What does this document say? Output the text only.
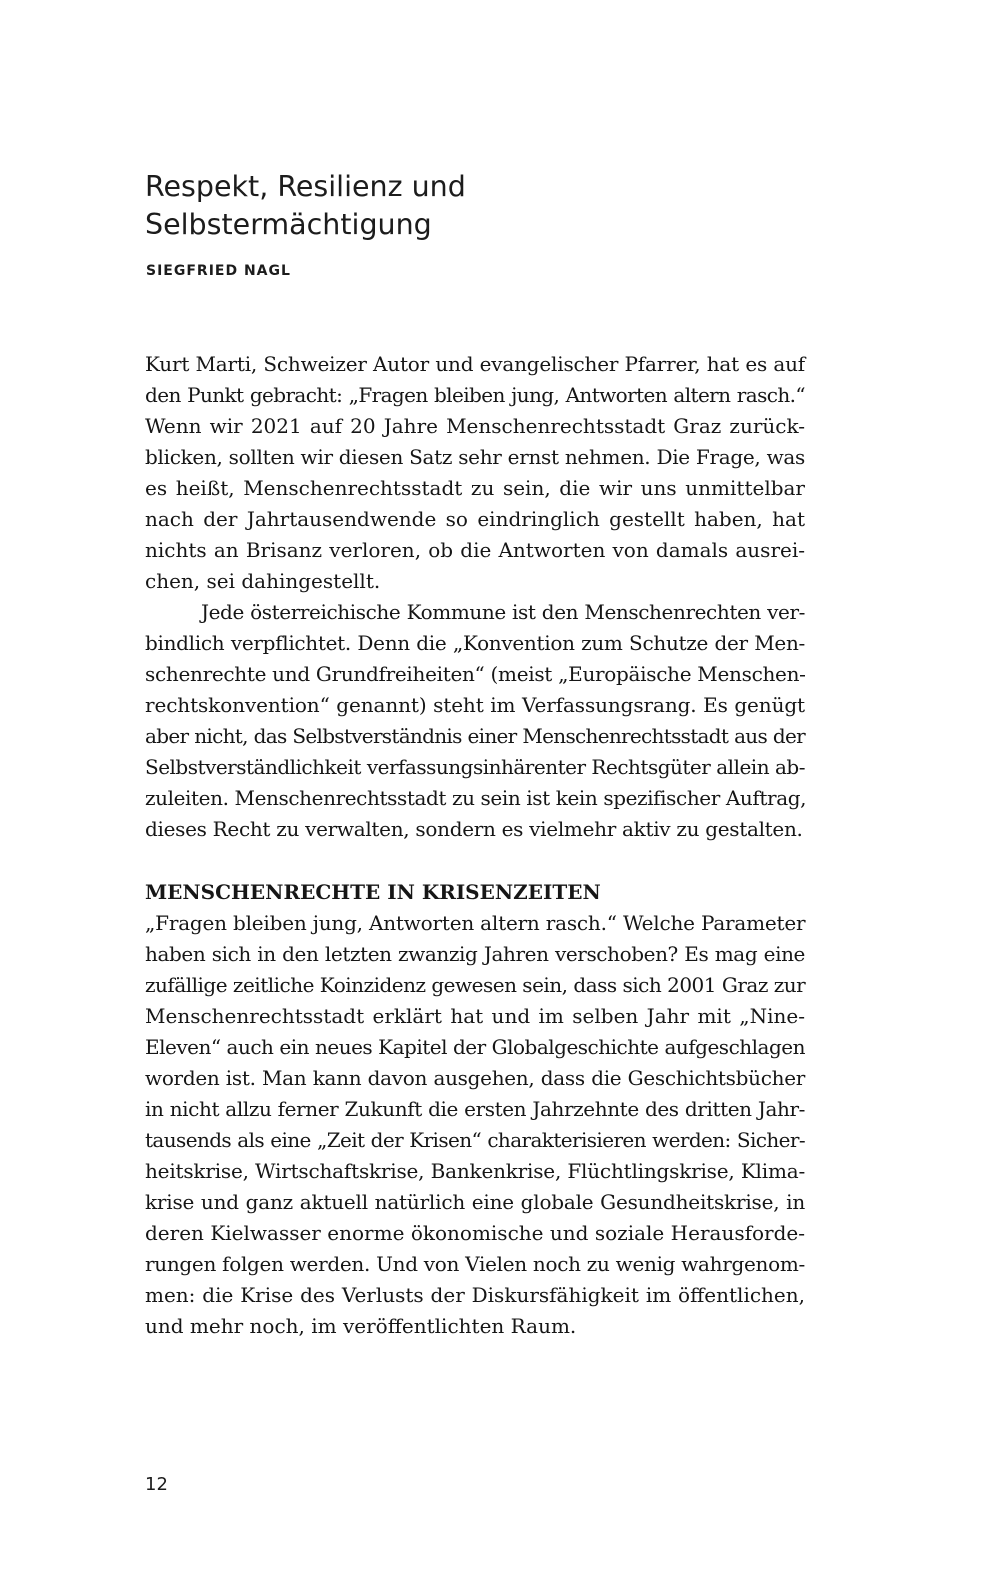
Respekt, Resilienz und
Selbstermächtigung

SIEGFRIED NAGL

Kurt Marti, Schweizer Autor und evangelischer Pfarrer, hat es auf
den Punkt gebracht: „Fragen bleiben jung, Antworten altern rasch.“
Wenn wir 2021 auf 20 Jahre Menschenrechtsstadt Graz zurück-
blicken, sollten wir diesen Satz sehr ernst nehmen. Die Frage, was
es heißt, Menschenrechtsstadt zu sein, die wir uns unmittelbar
nach der Jahrtausendwende so eindringlich gestellt haben, hat
nichts an Brisanz verloren, ob die Antworten von damals ausrei-
chen, sei dahingestellt.
Jede österreichische Kommune ist den Menschenrechten ver-
bindlich verpflichtet. Denn die „Konvention zum Schutze der Men-
schenrechte und Grundfreiheiten“ (meist „Europäische Menschen-
rechtskonvention“ genannt) steht im Verfassungsrang. Es genügt
aber nicht, das Selbstverständnis einer Menschenrechtsstadt aus der
Selbstverständlichkeit verfassungsinhärenter Rechtsgüter allein ab-
zuleiten. Menschenrechtsstadt zu sein ist kein spezifischer Auftrag,
dieses Recht zu verwalten, sondern es vielmehr aktiv zu gestalten.
MENSCHENRECHTE IN KRISENZEITEN
„Fragen bleiben jung, Antworten altern rasch.“ Welche Parameter
haben sich in den letzten zwanzig Jahren verschoben? Es mag eine
zufällige zeitliche Koinzidenz gewesen sein, dass sich 2001 Graz zur
Menschenrechtsstadt erklärt hat und im selben Jahr mit „Nine-
Eleven“ auch ein neues Kapitel der Globalgeschichte aufgeschlagen
worden ist. Man kann davon ausgehen, dass die Geschichtsbücher
in nicht allzu ferner Zukunft die ersten Jahrzehnte des dritten Jahr-
tausends als eine „Zeit der Krisen“ charakterisieren werden: Sicher-
heitskrise, Wirtschaftskrise, Bankenkrise, Flüchtlingskrise, Klima-
krise und ganz aktuell natürlich eine globale Gesundheitskrise, in
deren Kielwasser enorme ökonomische und soziale Herausforde-
rungen folgen werden. Und von Vielen noch zu wenig wahrgenom-
men: die Krise des Verlusts der Diskursfähigkeit im öffentlichen,
und mehr noch, im veröffentlichten Raum.

12
